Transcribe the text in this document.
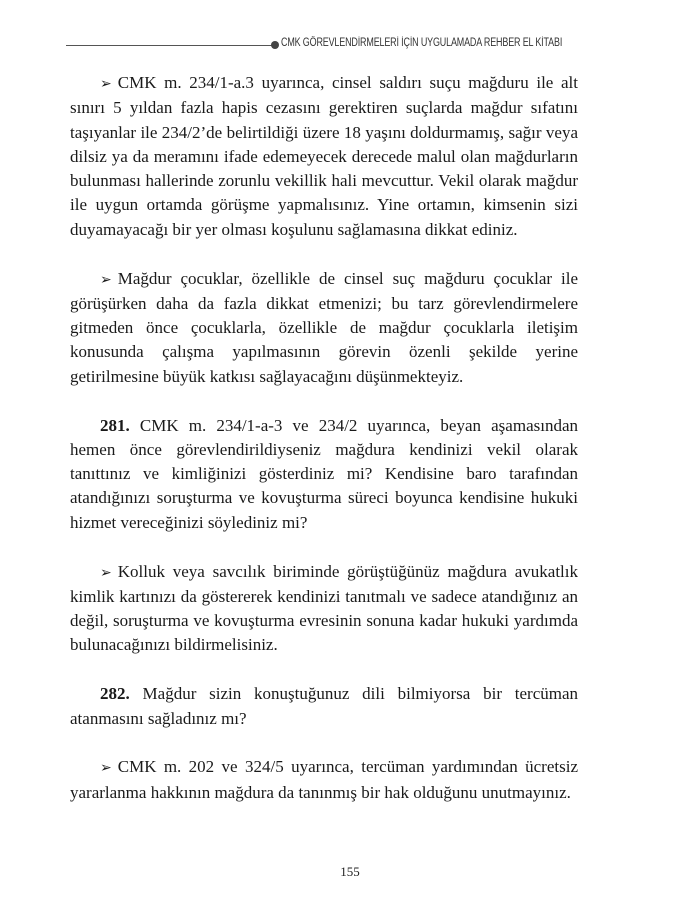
CMK GÖREVLENDİRMELERİ İÇİN UYGULAMADA REHBER EL KİTABI

➢ CMK m. 234/1-a.3 uyarınca, cinsel saldırı suçu mağduru ile alt sınırı 5 yıldan fazla hapis cezasını gerektiren suçlarda mağdur sıfatını taşıyanlar ile 234/2’de belirtildiği üzere 18 yaşını doldurmamış, sağır veya dilsiz ya da meramını ifade edemeyecek derecede malul olan mağdurların bulunması hallerinde zorunlu vekillik hali mevcuttur. Vekil olarak mağdur ile uygun ortamda görüşme yapmalısınız. Yine ortamın, kimsenin sizi duyamayacağı bir yer olması koşulunu sağlamasına dikkat ediniz.

➢ Mağdur çocuklar, özellikle de cinsel suç mağduru çocuklar ile görüşürken daha da fazla dikkat etmenizi; bu tarz görevlendirmelere gitmeden önce çocuklarla, özellikle de mağdur çocuklarla iletişim konusunda çalışma yapılmasının görevin özenli şekilde yerine getirilmesine büyük katkısı sağlayacağını düşünmekteyiz.

281. CMK m. 234/1-a-3 ve 234/2 uyarınca, beyan aşamasından hemen önce görevlendirildiyseniz mağdura kendinizi vekil olarak tanıttınız ve kimliğinizi gösterdiniz mi? Kendisine baro tarafından atandığınızı soruşturma ve kovuşturma süreci boyunca kendisine hukuki hizmet vereceğinizi söylediniz mi?

➢ Kolluk veya savcılık biriminde görüştüğünüz mağdura avukatlık kimlik kartınızı da göstererek kendinizi tanıtmalı ve sadece atandığınız an değil, soruşturma ve kovuşturma evresinin sonuna kadar hukuki yardımda bulunacağınızı bildirmelisiniz.

282. Mağdur sizin konuştuğunuz dili bilmiyorsa bir tercüman atanmasını sağladınız mı?

➢ CMK m. 202 ve 324/5 uyarınca, tercüman yardımından ücretsiz yararlanma hakkının mağdura da tanınmış bir hak olduğunu unutmayınız.

155
